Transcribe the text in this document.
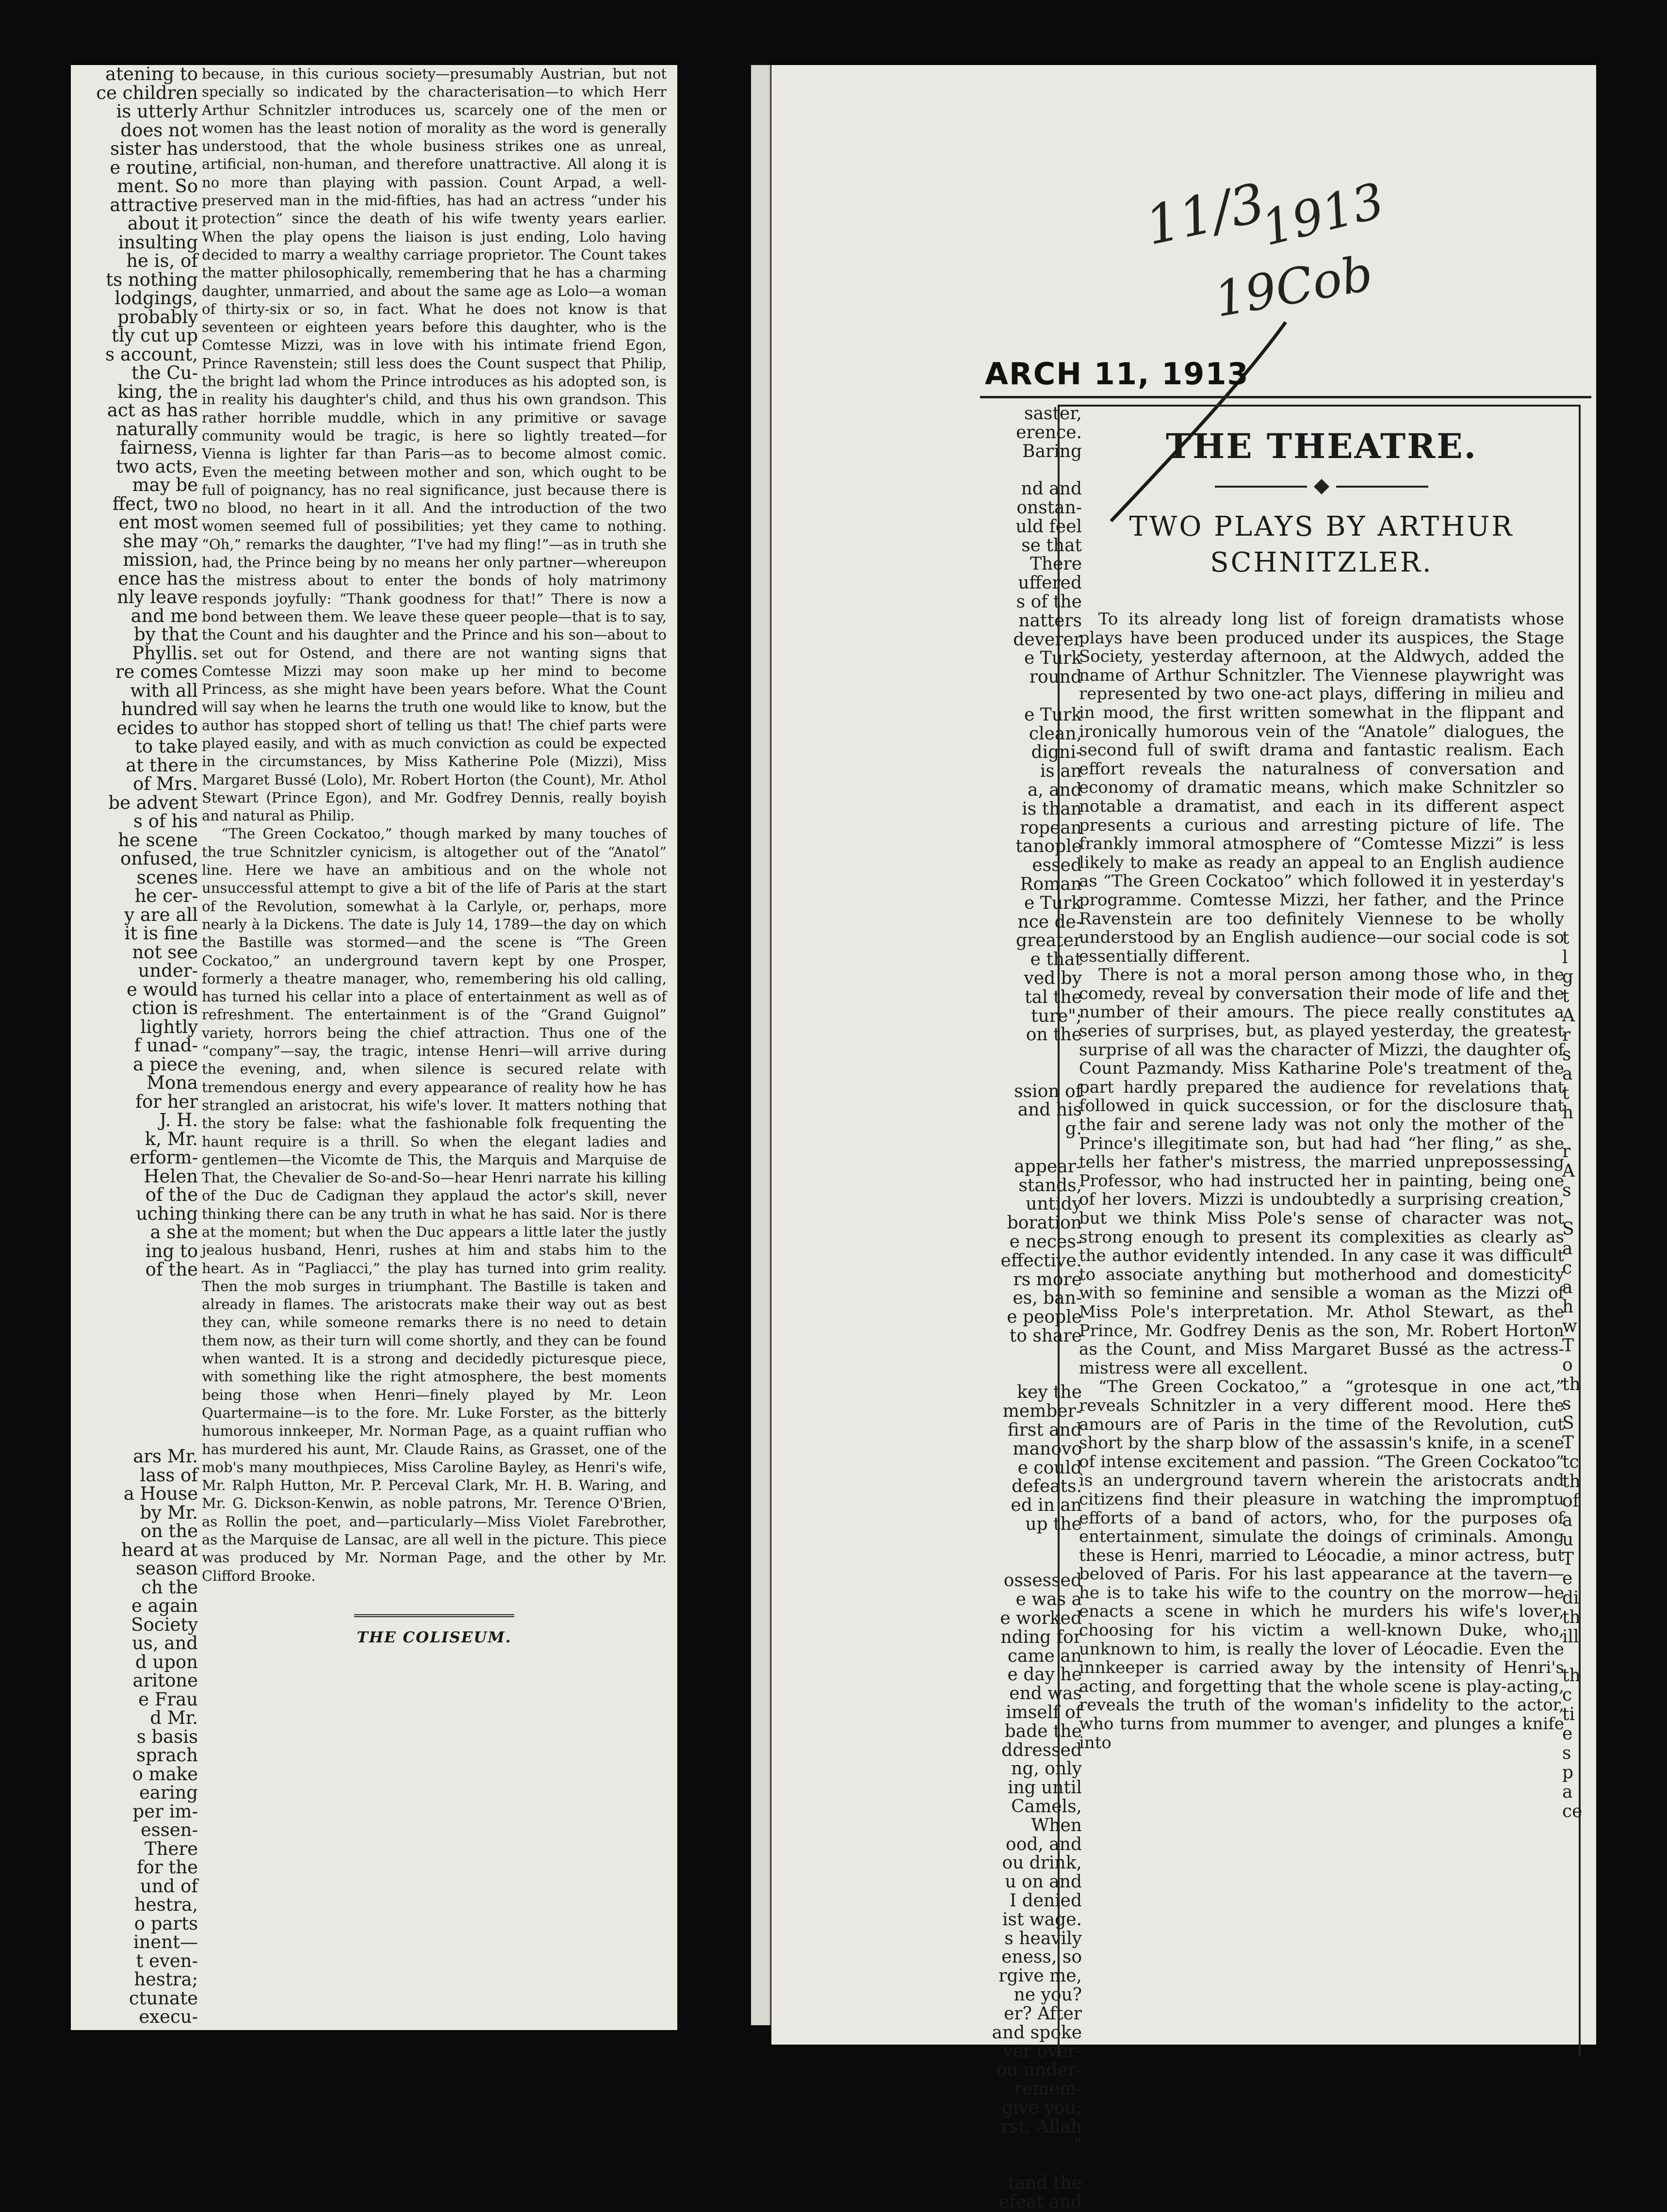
atening to
ce children
is utterly
does not
sister has
e routine,
ment. So
attractive
about it
insulting
he is, of
ts nothing
lodgings,
probably
tly cut up
s account,
the Cu-
king, the
act as has
naturally
fairness,
two acts,
may be
ffect, two
ent most
she may
mission,
ence has
nly leave
and me
by that
Phyllis.
re comes
with all
hundred
ecides to
to take
at there
of Mrs.
be advent
s of his
he scene
onfused,
scenes
he cer-
y are all
it is fine
not see
under-
e would
ction is
lightly
f unad-
a piece
Mona
for her
J. H.
k, Mr.
erform-
Helen
of the
uching
a she
ing to
of the

ars Mr.
lass of
a House
by Mr.
on the
heard at
season
ch the
e again
Society
us, and
d upon
aritone
e Frau
d Mr.
s basis
sprach
o make
earing
per im-
essen-
There
for the
und of
hestra,
o parts
inent—
t even-
hestra;
ctunate
execu-

because, in this curious society—presumably Austrian, but not specially so indicated by the characterisation—to which Herr Arthur Schnitzler introduces us, scarcely one of the men or women has the least notion of morality as the word is generally understood, that the whole business strikes one as unreal, artificial, non-human, and therefore unattractive. All along it is no more than playing with passion. Count Arpad, a well-preserved man in the mid-fifties, has had an actress “under his protection” since the death of his wife twenty years earlier. When the play opens the liaison is just ending, Lolo having decided to marry a wealthy carriage proprietor. The Count takes the matter philosophically, remembering that he has a charming daughter, unmarried, and about the same age as Lolo—a woman of thirty-six or so, in fact. What he does not know is that seventeen or eighteen years before this daughter, who is the Comtesse Mizzi, was in love with his intimate friend Egon, Prince Ravenstein; still less does the Count suspect that Philip, the bright lad whom the Prince introduces as his adopted son, is in reality his daughter's child, and thus his own grandson. This rather horrible muddle, which in any primitive or savage community would be tragic, is here so lightly treated—for Vienna is lighter far than Paris—as to become almost comic. Even the meeting between mother and son, which ought to be full of poignancy, has no real significance, just because there is no blood, no heart in it all. And the introduction of the two women seemed full of possibilities; yet they came to nothing. “Oh,” remarks the daughter, “I've had my fling!”—as in truth she had, the Prince being by no means her only partner—whereupon the mistress about to enter the bonds of holy matrimony responds joyfully: “Thank goodness for that!” There is now a bond between them. We leave these queer people—that is to say, the Count and his daughter and the Prince and his son—about to set out for Ostend, and there are not wanting signs that Comtesse Mizzi may soon make up her mind to become Princess, as she might have been years before. What the Count will say when he learns the truth one would like to know, but the author has stopped short of telling us that! The chief parts were played easily, and with as much conviction as could be expected in the circumstances, by Miss Katherine Pole (Mizzi), Miss Margaret Bussé (Lolo), Mr. Robert Horton (the Count), Mr. Athol Stewart (Prince Egon), and Mr. Godfrey Dennis, really boyish and natural as Philip.

“The Green Cockatoo,” though marked by many touches of the true Schnitzler cynicism, is altogether out of the “Anatol” line. Here we have an ambitious and on the whole not unsuccessful attempt to give a bit of the life of Paris at the start of the Revolution, somewhat à la Carlyle, or, perhaps, more nearly à la Dickens. The date is July 14, 1789—the day on which the Bastille was stormed—and the scene is “The Green Cockatoo,” an underground tavern kept by one Prosper, formerly a theatre manager, who, remembering his old calling, has turned his cellar into a place of entertainment as well as of refreshment. The entertainment is of the “Grand Guignol” variety, horrors being the chief attraction. Thus one of the “company”—say, the tragic, intense Henri—will arrive during the evening, and, when silence is secured relate with tremendous energy and every appearance of reality how he has strangled an aristocrat, his wife's lover. It matters nothing that the story be false: what the fashionable folk frequenting the haunt require is a thrill. So when the elegant ladies and gentlemen—the Vicomte de This, the Marquis and Marquise de That, the Chevalier de So-and-So—hear Henri narrate his killing of the Duc de Cadignan they applaud the actor's skill, never thinking there can be any truth in what he has said. Nor is there at the moment; but when the Duc appears a little later the justly jealous husband, Henri, rushes at him and stabs him to the heart. As in “Pagliacci,” the play has turned into grim reality. Then the mob surges in triumphant. The Bastille is taken and already in flames. The aristocrats make their way out as best they can, while someone remarks there is no need to detain them now, as their turn will come shortly, and they can be found when wanted. It is a strong and decidedly picturesque piece, with something like the right atmosphere, the best moments being those when Henri—finely played by Mr. Leon Quartermaine—is to the fore. Mr. Luke Forster, as the bitterly humorous innkeeper, Mr. Norman Page, as a quaint ruffian who has murdered his aunt, Mr. Claude Rains, as Grasset, one of the mob's many mouthpieces, Miss Caroline Bayley, as Henri's wife, Mr. Ralph Hutton, Mr. P. Perceval Clark, Mr. H. B. Waring, and Mr. G. Dickson-Kenwin, as noble patrons, Mr. Terence O'Brien, as Rollin the poet, and—particularly—Miss Violet Farebrother, as the Marquise de Lansac, are all well in the picture. This piece was produced by Mr. Norman Page, and the other by Mr. Clifford Brooke.

THE COLISEUM.
11/3
1913
19Cob
ARCH 11, 1913
saster,
erence.
Baring

nd and
onstan-
uld feel
se that
There
uffered
s of the
natters
deverer
e Turk
round

e Turk
clean,
digni-
is an
a, and
is than
ropean
tanople
essed
Roman
e Turk
nce de-
greater
e that
ved by
tal the
ture";
on the

ssion of
and his
g.

appear-
stands,
untidy
boration
e neces-
effective.
rs more
es, ban-
e people
to share

key the
member-
first and
manovo
e could
defeats.
ed in an
up the

ossessed
e was a
e worked
nding for
came an
e day he
end was
imself of
bade the
ddressed
ng, only
ing until
Camels,
When
ood, and
ou drink,
u on and
I denied
ist wage.
s heavily
eness, so
rgive me,
ne you?
er? After
and spoke
ver over-
ou under-
remem-
give you;
rst, Allah
"

tand the
efeat and
THE THEATRE.
TWO PLAYS BY ARTHUR SCHNITZLER.

To its already long list of foreign dramatists whose plays have been produced under its auspices, the Stage Society, yesterday afternoon, at the Aldwych, added the name of Arthur Schnitzler. The Viennese playwright was represented by two one-act plays, differing in milieu and in mood, the first written somewhat in the flippant and ironically humorous vein of the “Anatole” dialogues, the second full of swift drama and fantastic realism. Each effort reveals the naturalness of conversation and economy of dramatic means, which make Schnitzler so notable a dramatist, and each in its different aspect presents a curious and arresting picture of life. The frankly immoral atmosphere of “Comtesse Mizzi” is less likely to make as ready an appeal to an English audience as “The Green Cockatoo” which followed it in yesterday's programme. Comtesse Mizzi, her father, and the Prince Ravenstein are too definitely Viennese to be wholly understood by an English audience—our social code is so essentially different.

There is not a moral person among those who, in the comedy, reveal by conversation their mode of life and the number of their amours. The piece really constitutes a series of surprises, but, as played yesterday, the greatest surprise of all was the character of Mizzi, the daughter of Count Pazmandy. Miss Katharine Pole's treatment of the part hardly prepared the audience for revelations that followed in quick succession, or for the disclosure that the fair and serene lady was not only the mother of the Prince's illegitimate son, but had had “her fling,” as she tells her father's mistress, the married unprepossessing Professor, who had instructed her in painting, being one of her lovers. Mizzi is undoubtedly a surprising creation, but we think Miss Pole's sense of character was not strong enough to present its complexities as clearly as the author evidently intended. In any case it was difficult to associate anything but motherhood and domesticity with so feminine and sensible a woman as the Mizzi of Miss Pole's interpretation. Mr. Athol Stewart, as the Prince, Mr. Godfrey Denis as the son, Mr. Robert Horton as the Count, and Miss Margaret Bussé as the actress-mistress were all excellent.

“The Green Cockatoo,” a “grotesque in one act,” reveals Schnitzler in a very different mood. Here the amours are of Paris in the time of the Revolution, cut short by the sharp blow of the assassin's knife, in a scene of intense excitement and passion. “The Green Cockatoo” is an underground tavern wherein the aristocrats and citizens find their pleasure in watching the impromptu efforts of a band of actors, who, for the purposes of entertainment, simulate the doings of criminals. Among these is Henri, married to Léocadie, a minor actress, but beloved of Paris. For his last appearance at the tavern—he is to take his wife to the country on the morrow—he enacts a scene in which he murders his wife's lover, choosing for his victim a well-known Duke, who, unknown to him, is really the lover of Léocadie. Even the innkeeper is carried away by the intensity of Henri's acting, and forgetting that the whole scene is play-acting, reveals the truth of the woman's infidelity to the actor, who turns from mummer to avenger, and plunges a knife into

t
l
g
t
A
r
s
a
t
h

r
A
s

S
a
c
a
h
w
T
o
th
s
S
T
tc
th
of
a
u
T
e
di
th
ill

th
c
ti
e
s
p
a
ce
